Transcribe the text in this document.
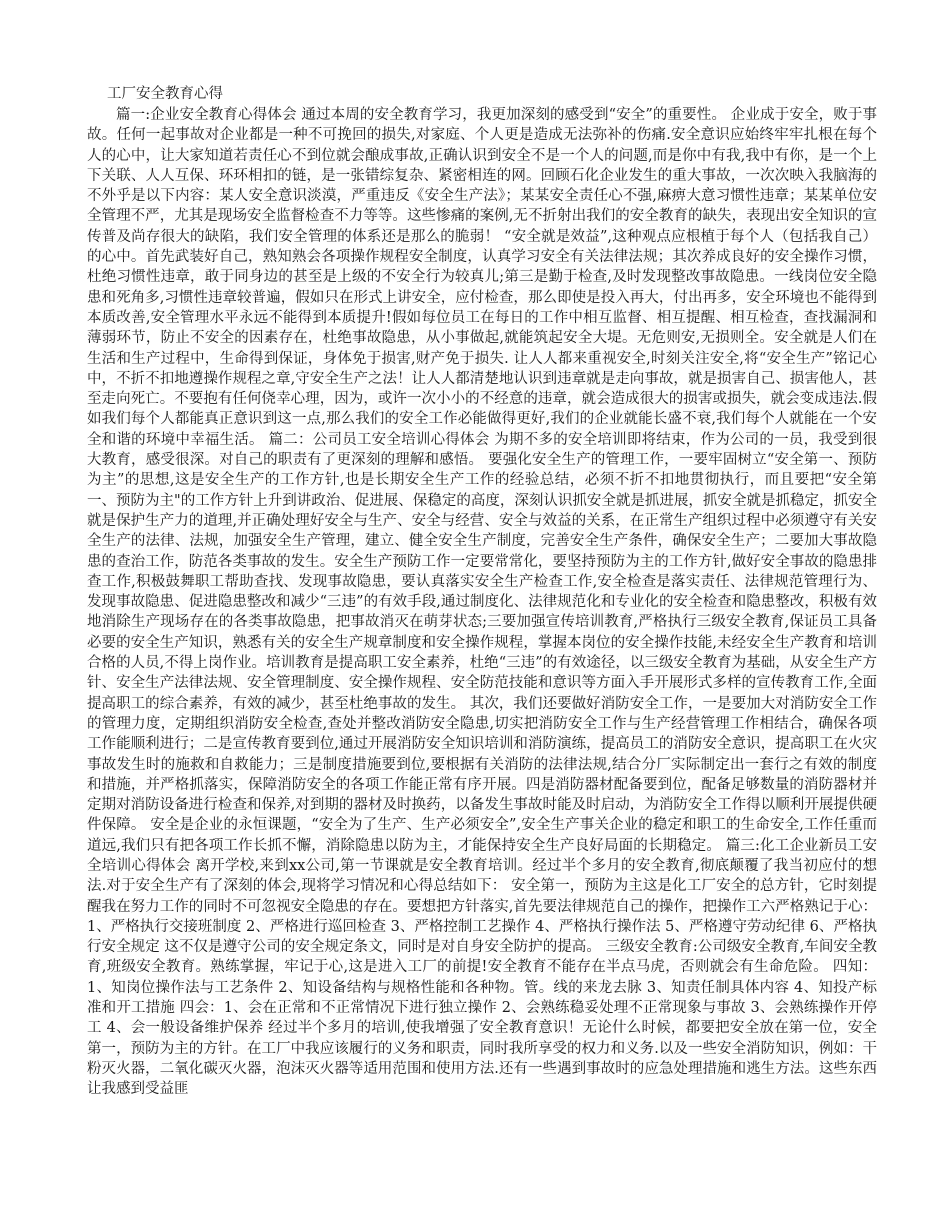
工厂安全教育心得

篇一:企业安全教育心得体会 通过本周的安全教育学习，我更加深刻的感受到“安全”的重要性。 企业成于安全，败于事故。任何一起事故对企业都是一种不可挽回的损失,对家庭、个人更是造成无法弥补的伤痛.安全意识应始终牢牢扎根在每个人的心中，让大家知道若责任心不到位就会酿成事故,正确认识到安全不是一个人的问题,而是你中有我,我中有你，是一个上下关联、人人互保、环环相扣的链，是一张错综复杂、紧密相连的网。回顾石化企业发生的重大事故，一次次映入我脑海的不外乎是以下内容：某人安全意识淡漠，严重违反《安全生产法》；某某安全责任心不强,麻痹大意习惯性违章；某某单位安全管理不严，尤其是现场安全监督检查不力等等。这些惨痛的案例,无不折射出我们的安全教育的缺失，表现出安全知识的宣传普及尚存很大的缺陷，我们安全管理的体系还是那么的脆弱！ “安全就是效益”,这种观点应根植于每个人（包括我自己）的心中。首先武装好自己，熟知熟会各项操作规程安全制度，认真学习安全有关法律法规；其次养成良好的安全操作习惯，杜绝习惯性违章，敢于同身边的甚至是上级的不安全行为较真儿;第三是勤于检查,及时发现整改事故隐患。一线岗位安全隐患和死角多,习惯性违章较普遍，假如只在形式上讲安全，应付检查，那么即使是投入再大，付出再多，安全环境也不能得到本质改善,安全管理水平永远不能得到本质提升!假如每位员工在每日的工作中相互监督、相互提醒、相互检查，查找漏洞和薄弱环节，防止不安全的因素存在，杜绝事故隐患，从小事做起,就能筑起安全大堤。无危则安,无损则全。安全就是人们在生活和生产过程中，生命得到保证，身体免于损害,财产免于损失. 让人人都来重视安全,时刻关注安全,将“安全生产”铭记心中，不折不扣地遵操作规程之章,守安全生产之法！让人人都清楚地认识到违章就是走向事故，就是损害自己、损害他人，甚至走向死亡。不要抱有任何侥幸心理，因为，或许一次小小的不经意的违章，就会造成很大的损害或损失，就会变成违法.假如我们每个人都能真正意识到这一点,那么我们的安全工作必能做得更好,我们的企业就能长盛不衰,我们每个人就能在一个安全和谐的环境中幸福生活。 篇二：公司员工安全培训心得体会 为期不多的安全培训即将结束，作为公司的一员，我受到很大教育，感受很深。对自己的职责有了更深刻的理解和感悟。 要强化安全生产的管理工作，一要牢固树立“安全第一、预防为主”的思想,这是安全生产的工作方针,也是长期安全生产工作的经验总结，必须不折不扣地贯彻执行，而且要把“安全第一、预防为主"的工作方针上升到讲政治、促进展、保稳定的高度，深刻认识抓安全就是抓进展，抓安全就是抓稳定，抓安全就是保护生产力的道理,并正确处理好安全与生产、安全与经营、安全与效益的关系，在正常生产组织过程中必须遵守有关安全生产的法律、法规，加强安全生产管理，建立、健全安全生产制度，完善安全生产条件，确保安全生产；二要加大事故隐患的查治工作，防范各类事故的发生。安全生产预防工作一定要常常化，要坚持预防为主的工作方针,做好安全事故的隐患排查工作,积极鼓舞职工帮助查找、发现事故隐患，要认真落实安全生产检查工作,安全检查是落实责任、法律规范管理行为、发现事故隐患、促进隐患整改和减少“三违”的有效手段,通过制度化、法律规范化和专业化的安全检查和隐患整改，积极有效地消除生产现场存在的各类事故隐患，把事故消灭在萌芽状态;三要加强宣传培训教育,严格执行三级安全教育,保证员工具备必要的安全生产知识，熟悉有关的安全生产规章制度和安全操作规程，掌握本岗位的安全操作技能,未经安全生产教育和培训合格的人员,不得上岗作业。培训教育是提高职工安全素养，杜绝“三违”的有效途径，以三级安全教育为基础，从安全生产方针、安全生产法律法规、安全管理制度、安全操作规程、安全防范技能和意识等方面入手开展形式多样的宣传教育工作,全面提高职工的综合素养，有效的减少，甚至杜绝事故的发生。 其次，我们还要做好消防安全工作，一是要加大对消防安全工作的管理力度，定期组织消防安全检查,查处并整改消防安全隐患,切实把消防安全工作与生产经营管理工作相结合，确保各项工作能顺利进行；二是宣传教育要到位,通过开展消防安全知识培训和消防演练，提高员工的消防安全意识，提高职工在火灾事故发生时的施救和自救能力；三是制度措施要到位,要根据有关消防的法律法规,结合分厂实际制定出一套行之有效的制度和措施，并严格抓落实，保障消防安全的各项工作能正常有序开展。四是消防器材配备要到位，配备足够数量的消防器材并定期对消防设备进行检查和保养,对到期的器材及时换药，以备发生事故时能及时启动，为消防安全工作得以顺利开展提供硬件保障。 安全是企业的永恒课题，“安全为了生产、生产必须安全”,安全生产事关企业的稳定和职工的生命安全,工作任重而道远,我们只有把各项工作长抓不懈，消除隐患以防为主，才能保持安全生产良好局面的长期稳定。 篇三:化工企业新员工安全培训心得体会 离开学校,来到xx公司,第一节课就是安全教育培训。经过半个多月的安全教育,彻底颠覆了我当初应付的想法.对于安全生产有了深刻的体会,现将学习情况和心得总结如下： 安全第一，预防为主这是化工厂安全的总方针，它时刻提醒我在努力工作的同时不可忽视安全隐患的存在。要想把方针落实,首先要法律规范自己的操作，把操作工六严格熟记于心： 1、严格执行交接班制度 2、严格进行巡回检查 3、严格控制工艺操作 4、严格执行操作法 5、严格遵守劳动纪律 6、严格执行安全规定 这不仅是遵守公司的安全规定条文，同时是对自身安全防护的提高。 三级安全教育:公司级安全教育,车间安全教育,班级安全教育。熟练掌握，牢记于心,这是进入工厂的前提!安全教育不能存在半点马虎，否则就会有生命危险。 四知：1、知岗位操作法与工艺条件 2、知设备结构与规格性能和各种物。管。线的来龙去脉 3、知责任制具体内容 4、知投产标准和开工措施 四会：1、会在正常和不正常情况下进行独立操作 2、会熟练稳妥处理不正常现象与事故 3、会熟练操作开停工 4、会一般设备维护保养 经过半个多月的培训,使我增强了安全教育意识！无论什么时候，都要把安全放在第一位，安全第一，预防为主的方针。在工厂中我应该履行的义务和职责，同时我所享受的权力和义务.以及一些安全消防知识，例如：干粉灭火器，二氧化碳灭火器，泡沫灭火器等适用范围和使用方法.还有一些遇到事故时的应急处理措施和逃生方法。这些东西让我感到受益匪
